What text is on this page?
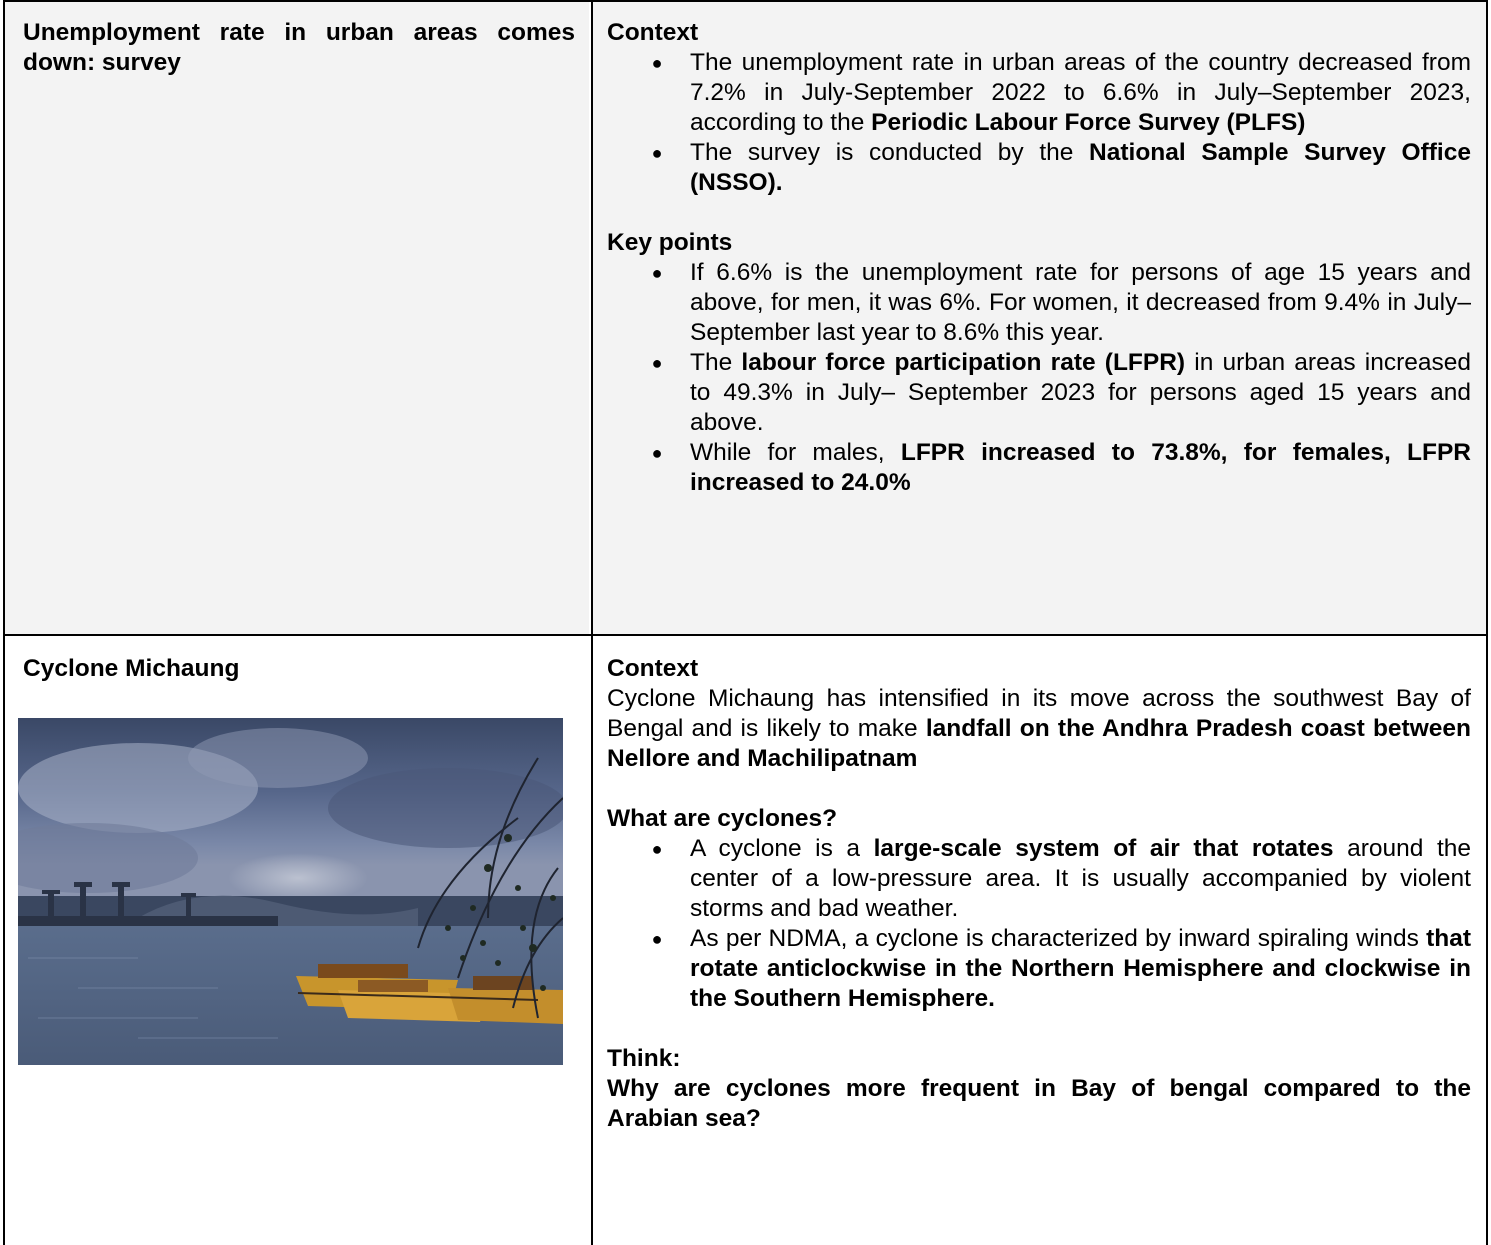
Unemployment rate in urban areas comes down: survey

Context

● The unemployment rate in urban areas of the country decreased from 7.2% in July-September 2022 to 6.6% in July–September 2023, according to the Periodic Labour Force Survey (PLFS)
● The survey is conducted by the National Sample Survey Office (NSSO).

Key points

● If 6.6% is the unemployment rate for persons of age 15 years and above, for men, it was 6%. For women, it decreased from 9.4% in July– September last year to 8.6% this year.
● The labour force participation rate (LFPR) in urban areas increased to 49.3% in July– September 2023 for persons aged 15 years and above.
● While for males, LFPR increased to 73.8%, for females, LFPR increased to 24.0%
Cyclone Michaung	Context

Cyclone Michaung has intensified in its move across the southwest Bay of Bengal and is likely to make landfall on the Andhra Pradesh coast between Nellore and Machilipatnam

What are cyclones?

● A cyclone is a large-scale system of air that rotates around the center of a low-pressure area. It is usually accompanied by violent storms and bad weather.
● As per NDMA, a cyclone is characterized by inward spiraling winds that rotate anticlockwise in the Northern Hemisphere and clockwise in the Southern Hemisphere.

Think:

Why are cyclones more frequent in Bay of bengal compared to the Arabian sea?
